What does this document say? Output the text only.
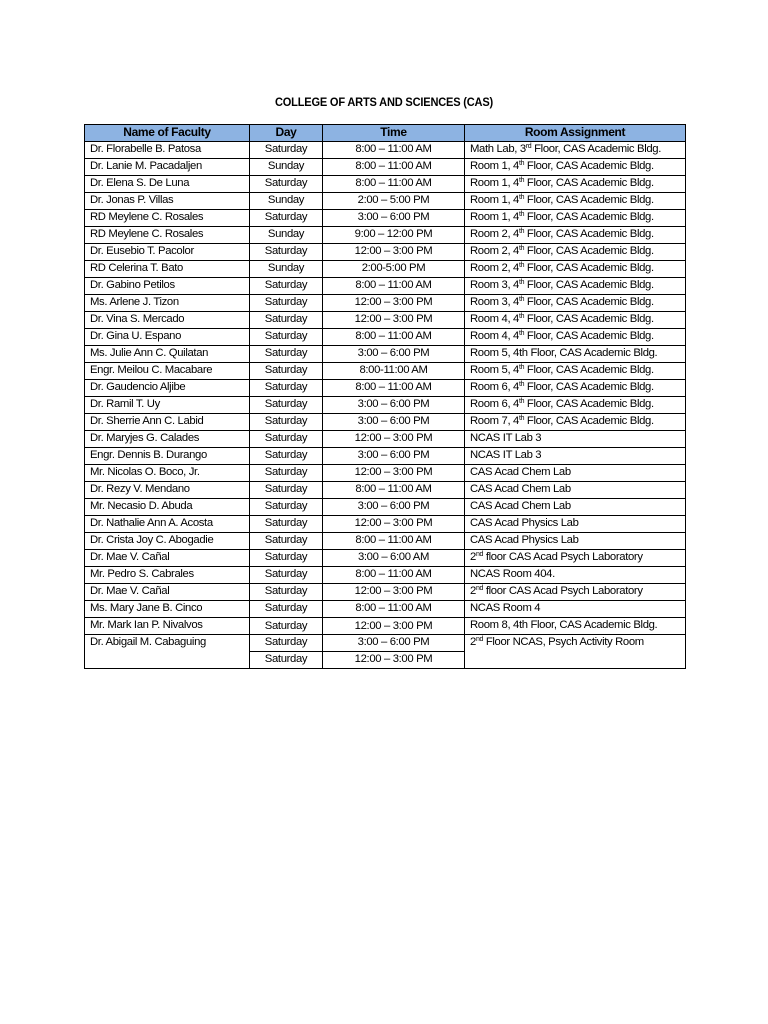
COLLEGE OF ARTS AND SCIENCES (CAS)
Name of Faculty	Day	Time	Room Assignment
Dr. Florabelle B. Patosa	Saturday	8:00 – 11:00 AM	Math Lab, 3rd Floor, CAS Academic Bldg.
Dr. Lanie M. Pacadaljen	Sunday	8:00 – 11:00 AM	Room 1, 4th Floor, CAS Academic Bldg.
Dr. Elena S. De Luna	Saturday	8:00 – 11:00 AM	Room 1, 4th Floor, CAS Academic Bldg.
Dr. Jonas P. Villas	Sunday	2:00 – 5:00 PM	Room 1, 4th Floor, CAS Academic Bldg.
RD Meylene C. Rosales	Saturday	3:00 – 6:00 PM	Room 1, 4th Floor, CAS Academic Bldg.
RD Meylene C. Rosales	Sunday	9:00 – 12:00 PM	Room 2, 4th Floor, CAS Academic Bldg.
Dr. Eusebio T. Pacolor	Saturday	12:00 – 3:00 PM	Room 2, 4th Floor, CAS Academic Bldg.
RD Celerina T. Bato	Sunday	2:00-5:00 PM	Room 2, 4th Floor, CAS Academic Bldg.
Dr. Gabino Petilos	Saturday	8:00 – 11:00 AM	Room 3, 4th Floor, CAS Academic Bldg.
Ms. Arlene J. Tizon	Saturday	12:00 – 3:00 PM	Room 3, 4th Floor, CAS Academic Bldg.
Dr. Vina S. Mercado	Saturday	12:00 – 3:00 PM	Room 4, 4th Floor, CAS Academic Bldg.
Dr. Gina U. Espano	Saturday	8:00 – 11:00 AM	Room 4, 4th Floor, CAS Academic Bldg.
Ms. Julie Ann C. Quilatan	Saturday	3:00 – 6:00 PM	Room 5, 4th Floor, CAS Academic Bldg.
Engr. Meilou C. Macabare	Saturday	8:00-11:00 AM	Room 5, 4th Floor, CAS Academic Bldg.
Dr. Gaudencio Aljibe	Saturday	8:00 – 11:00 AM	Room 6, 4th Floor, CAS Academic Bldg.
Dr. Ramil T. Uy	Saturday	3:00 – 6:00 PM	Room 6, 4th Floor, CAS Academic Bldg.
Dr. Sherrie Ann C. Labid	Saturday	3:00 – 6:00 PM	Room 7, 4th Floor, CAS Academic Bldg.
Dr. Maryjes G. Calades	Saturday	12:00 – 3:00 PM	NCAS IT Lab 3
Engr. Dennis B. Durango	Saturday	3:00 – 6:00 PM	NCAS IT Lab 3
Mr. Nicolas O. Boco, Jr.	Saturday	12:00 – 3:00 PM	CAS Acad Chem Lab
Dr. Rezy V. Mendano	Saturday	8:00 – 11:00 AM	CAS Acad Chem Lab
Mr. Necasio D. Abuda	Saturday	3:00 – 6:00 PM	CAS Acad Chem Lab
Dr. Nathalie Ann A. Acosta	Saturday	12:00 – 3:00 PM	CAS Acad Physics Lab
Dr. Crista Joy C. Abogadie	Saturday	8:00 – 11:00 AM	CAS Acad Physics Lab
Dr. Mae V. Cañal	Saturday	3:00 – 6:00 AM	2nd floor CAS Acad Psych Laboratory
Mr. Pedro S. Cabrales	Saturday	8:00 – 11:00 AM	NCAS Room 404.
Dr. Mae V. Cañal	Saturday	12:00 – 3:00 PM	2nd floor CAS Acad Psych Laboratory
Ms. Mary Jane B. Cinco	Saturday	8:00 – 11:00 AM	NCAS Room 4
Mr. Mark Ian P. Nivalvos	Saturday	12:00 – 3:00 PM	Room 8, 4th Floor, CAS Academic Bldg.
Dr. Abigail M. Cabaguing	Saturday	3:00 – 6:00 PM	2nd Floor NCAS, Psych Activity Room
	Saturday	12:00 – 3:00 PM	
